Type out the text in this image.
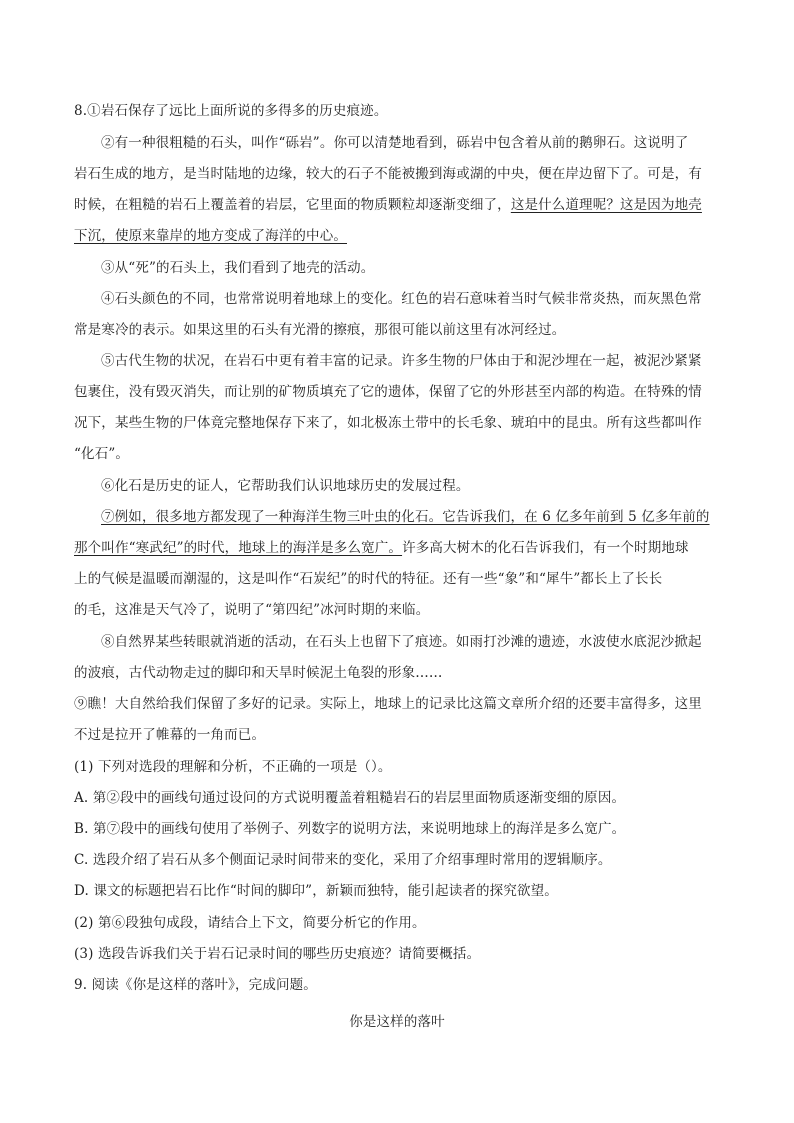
8.①岩石保存了远比上面所说的多得多的历史痕迹。
②有一种很粗糙的石头，叫作“砾岩”。你可以清楚地看到，砾岩中包含着从前的鹅卵石。这说明了
岩石生成的地方，是当时陆地的边缘，较大的石子不能被搬到海或湖的中央，便在岸边留下了。可是，有
时候，在粗糙的岩石上覆盖着的岩层，它里面的物质颗粒却逐渐变细了，这是什么道理呢？这是因为地壳
下沉，使原来靠岸的地方变成了海洋的中心。
③从“死”的石头上，我们看到了地壳的活动。
④石头颜色的不同，也常常说明着地球上的变化。红色的岩石意味着当时气候非常炎热，而灰黑色常
常是寒冷的表示。如果这里的石头有光滑的擦痕，那很可能以前这里有冰河经过。
⑤古代生物的状况，在岩石中更有着丰富的记录。许多生物的尸体由于和泥沙埋在一起，被泥沙紧紧
包裹住，没有毁灭消失，而让别的矿物质填充了它的遗体，保留了它的外形甚至内部的构造。在特殊的情
况下，某些生物的尸体竟完整地保存下来了，如北极冻土带中的长毛象、琥珀中的昆虫。所有这些都叫作
“化石”。
⑥化石是历史的证人，它帮助我们认识地球历史的发展过程。
⑦例如，很多地方都发现了一种海洋生物三叶虫的化石。它告诉我们，在 6 亿多年前到 5 亿多年前的
那个叫作“寒武纪”的时代，地球上的海洋是多么宽广。许多高大树木的化石告诉我们，有一个时期地球
上的气候是温暖而潮湿的，这是叫作“石炭纪”的时代的特征。还有一些“象”和“犀牛”都长上了长长
的毛，这准是天气冷了，说明了“第四纪”冰河时期的来临。
⑧自然界某些转眼就消逝的活动，在石头上也留下了痕迹。如雨打沙滩的遗迹，水波使水底泥沙掀起
的波痕，古代动物走过的脚印和天旱时候泥土龟裂的形象……
⑨瞧！大自然给我们保留了多好的记录。实际上，地球上的记录比这篇文章所介绍的还要丰富得多，这里
不过是拉开了帷幕的一角而已。
(1) 下列对选段的理解和分析，不正确的一项是（）。
A. 第②段中的画线句通过设问的方式说明覆盖着粗糙岩石的岩层里面物质逐渐变细的原因。
B. 第⑦段中的画线句使用了举例子、列数字的说明方法，来说明地球上的海洋是多么宽广。
C. 选段介绍了岩石从多个侧面记录时间带来的变化，采用了介绍事理时常用的逻辑顺序。
D. 课文的标题把岩石比作“时间的脚印”，新颖而独特，能引起读者的探究欲望。
(2) 第⑥段独句成段，请结合上下文，简要分析它的作用。
(3) 选段告诉我们关于岩石记录时间的哪些历史痕迹？请简要概括。
9. 阅读《你是这样的落叶》，完成问题。
你是这样的落叶
